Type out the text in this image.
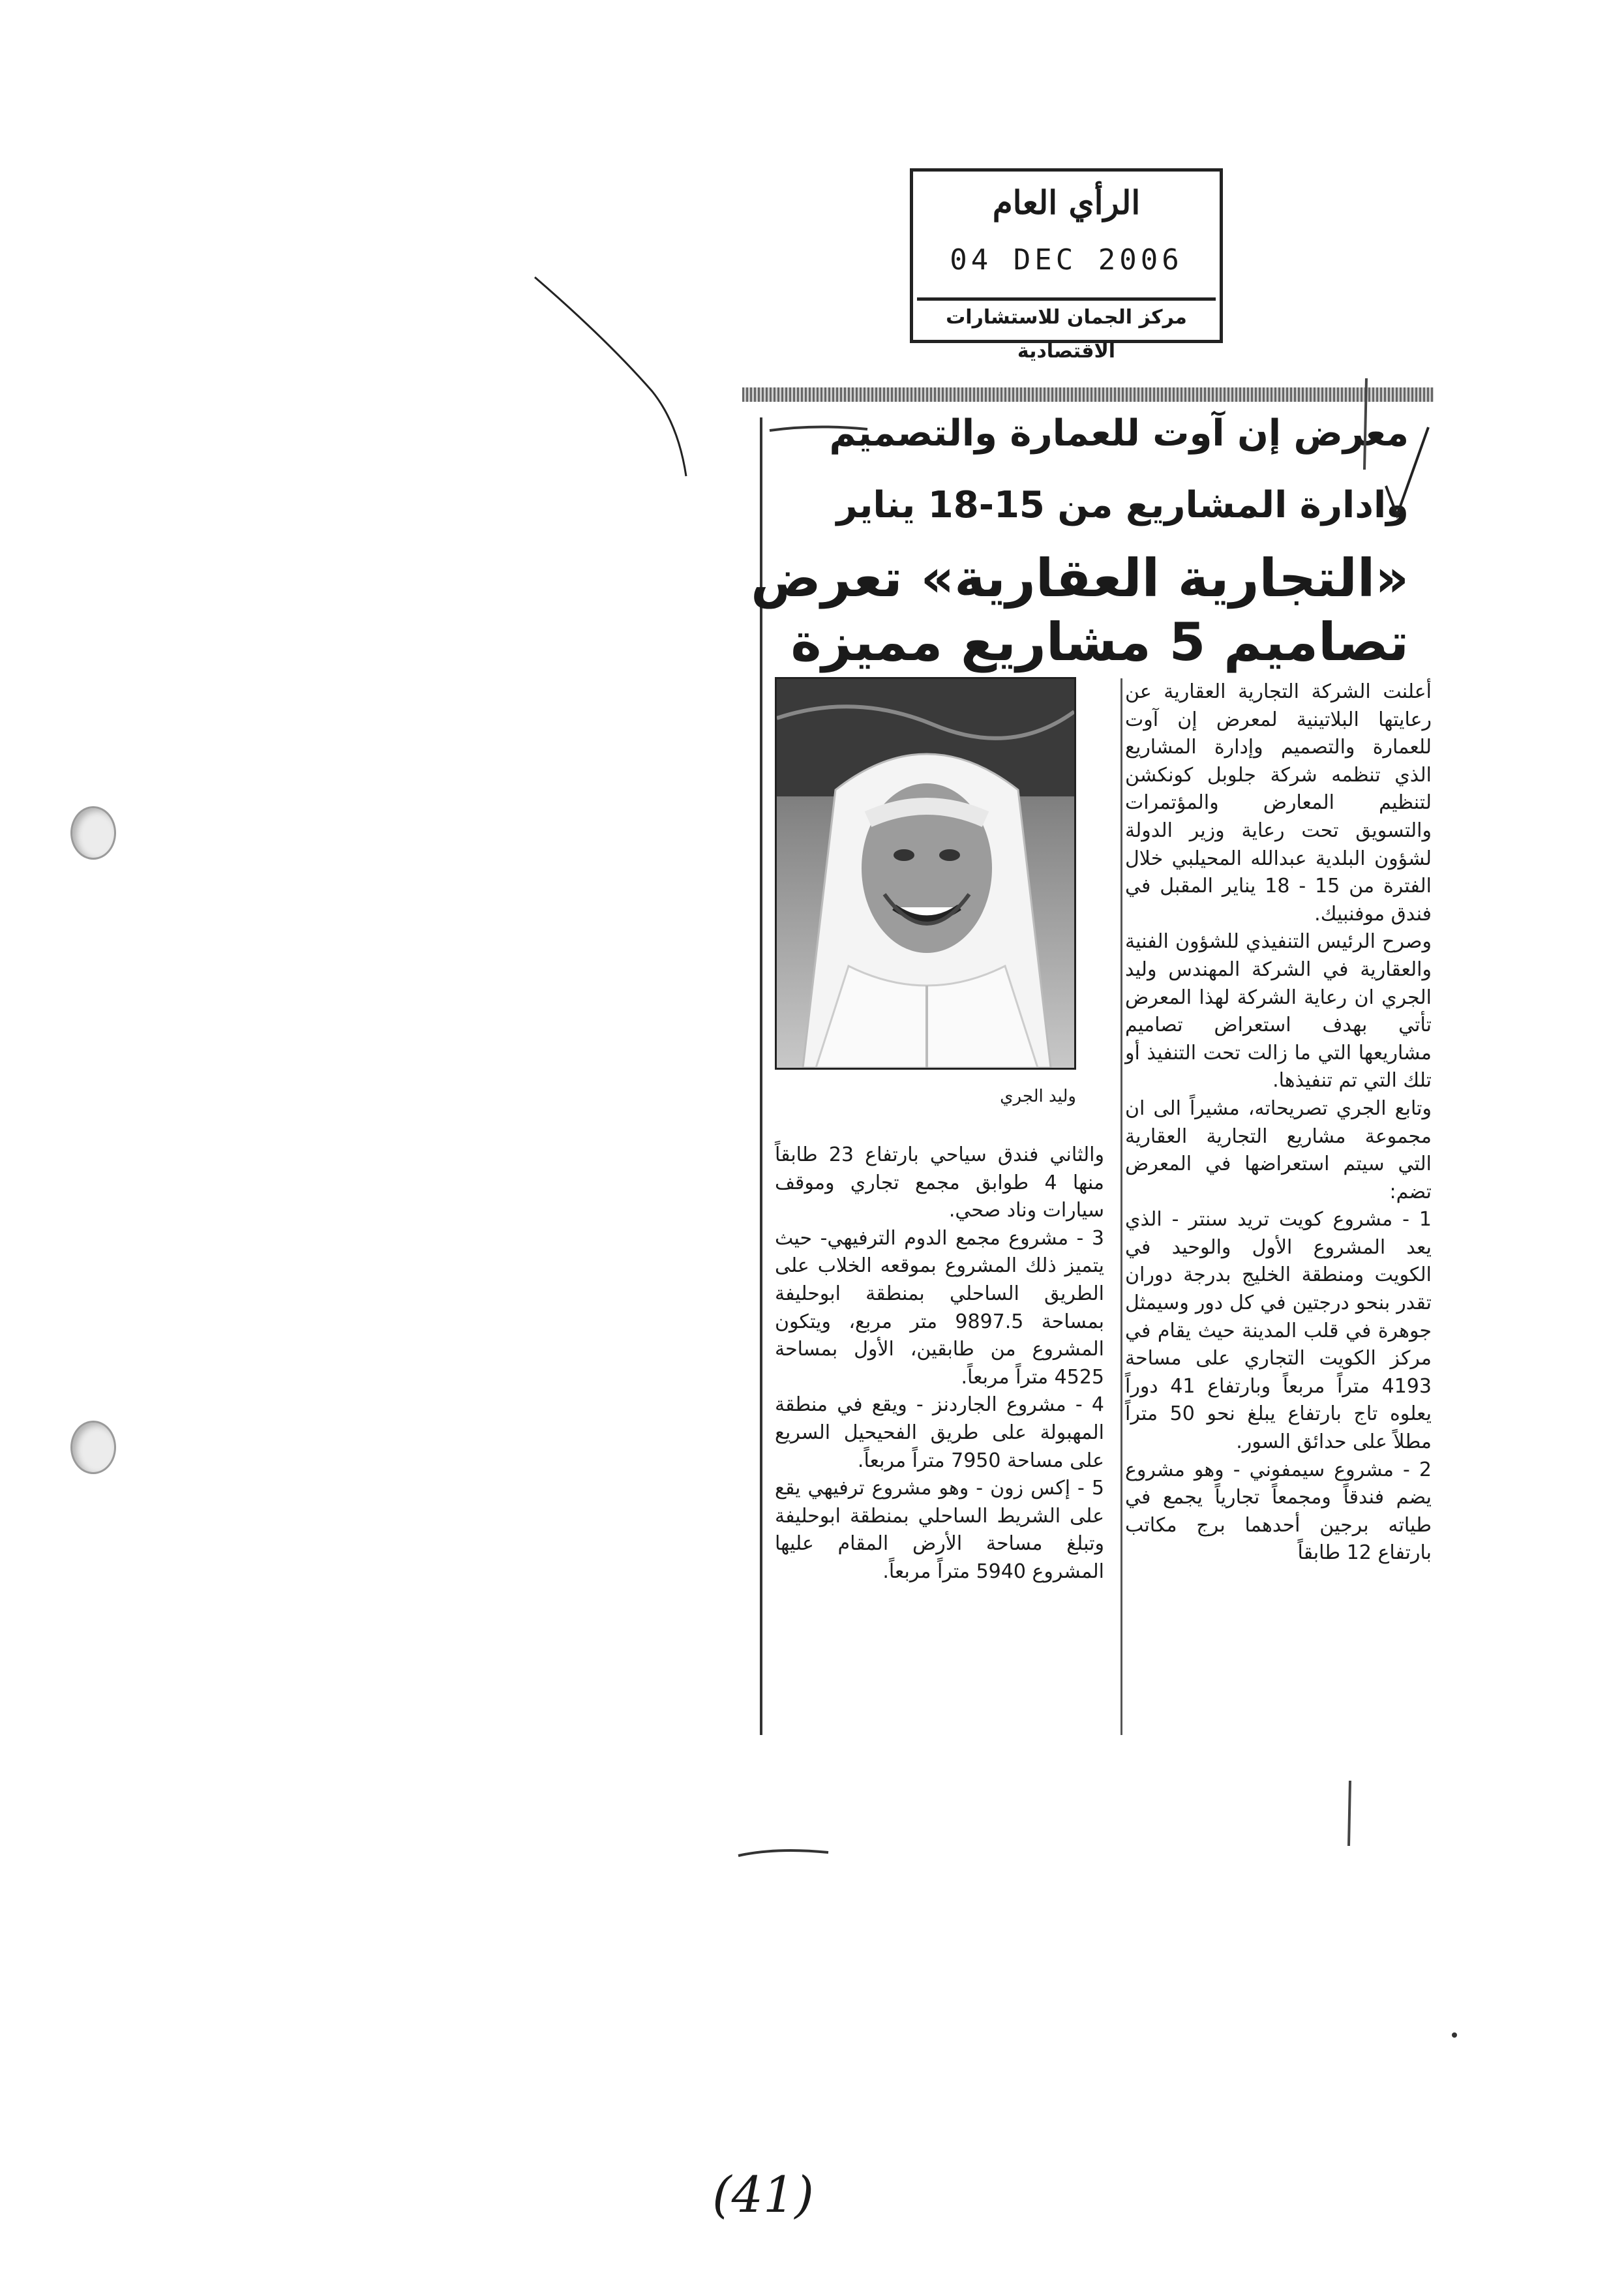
الرأي العام
04 DEC 2006
مركز الجمان للاستشارات الاقتصادية
معرض إن آوت للعمارة والتصميم
وادارة المشاريع من 15-18 يناير
«التجارية العقارية» تعرض
تصاميم 5 مشاريع مميزة
وليد الجري

أعلنت الشركة التجارية العقارية عن رعايتها البلاتينية لمعرض إن آوت للعمارة والتصميم وإدارة المشاريع الذي تنظمه شركة جلوبل كونكشن لتنظيم المعارض والمؤتمرات والتسويق تحت رعاية وزير الدولة لشؤون البلدية عبدالله المحيلبي خلال الفترة من 15 - 18 يناير المقبل في فندق موفنبيك.

وصرح الرئيس التنفيذي للشؤون الفنية والعقارية في الشركة المهندس وليد الجري ان رعاية الشركة لهذا المعرض تأتي بهدف استعراض تصاميم مشاريعها التي ما زالت تحت التنفيذ أو تلك التي تم تنفيذها.

وتابع الجري تصريحاته، مشيراً الى ان مجموعة مشاريع التجارية العقارية التي سيتم استعراضها في المعرض تضم:

1 - مشروع كويت تريد سنتر - الذي يعد المشروع الأول والوحيد في الكويت ومنطقة الخليج بدرجة دوران تقدر بنحو درجتين في كل دور وسيمثل جوهرة في قلب المدينة حيث يقام في مركز الكويت التجاري على مساحة 4193 متراً مربعاً وبارتفاع 41 دوراً يعلوه تاج بارتفاع يبلغ نحو 50 متراً مطلاً على حدائق السور.

2 - مشروع سيمفوني - وهو مشروع يضم فندقاً ومجمعاً تجارياً يجمع في طياته برجين أحدهما برج مكاتب بارتفاع 12 طابقاً

والثاني فندق سياحي بارتفاع 23 طابقاً منها 4 طوابق مجمع تجاري وموقف سيارات وناد صحي.

3 - مشروع مجمع الدوم الترفيهي- حيث يتميز ذلك المشروع بموقعه الخلاب على الطريق الساحلي بمنطقة ابوحليفة بمساحة 9897.5 متر مربع، ويتكون المشروع من طابقين، الأول بمساحة 4525 متراً مربعاً.

4 - مشروع الجاردنز - ويقع في منطقة المهبولة على طريق الفحيحيل السريع على مساحة 7950 متراً مربعاً.

5 - إكس زون - وهو مشروع ترفيهي يقع على الشريط الساحلي بمنطقة ابوحليفة وتبلغ مساحة الأرض المقام عليها المشروع 5940 متراً مربعاً.

(41)
